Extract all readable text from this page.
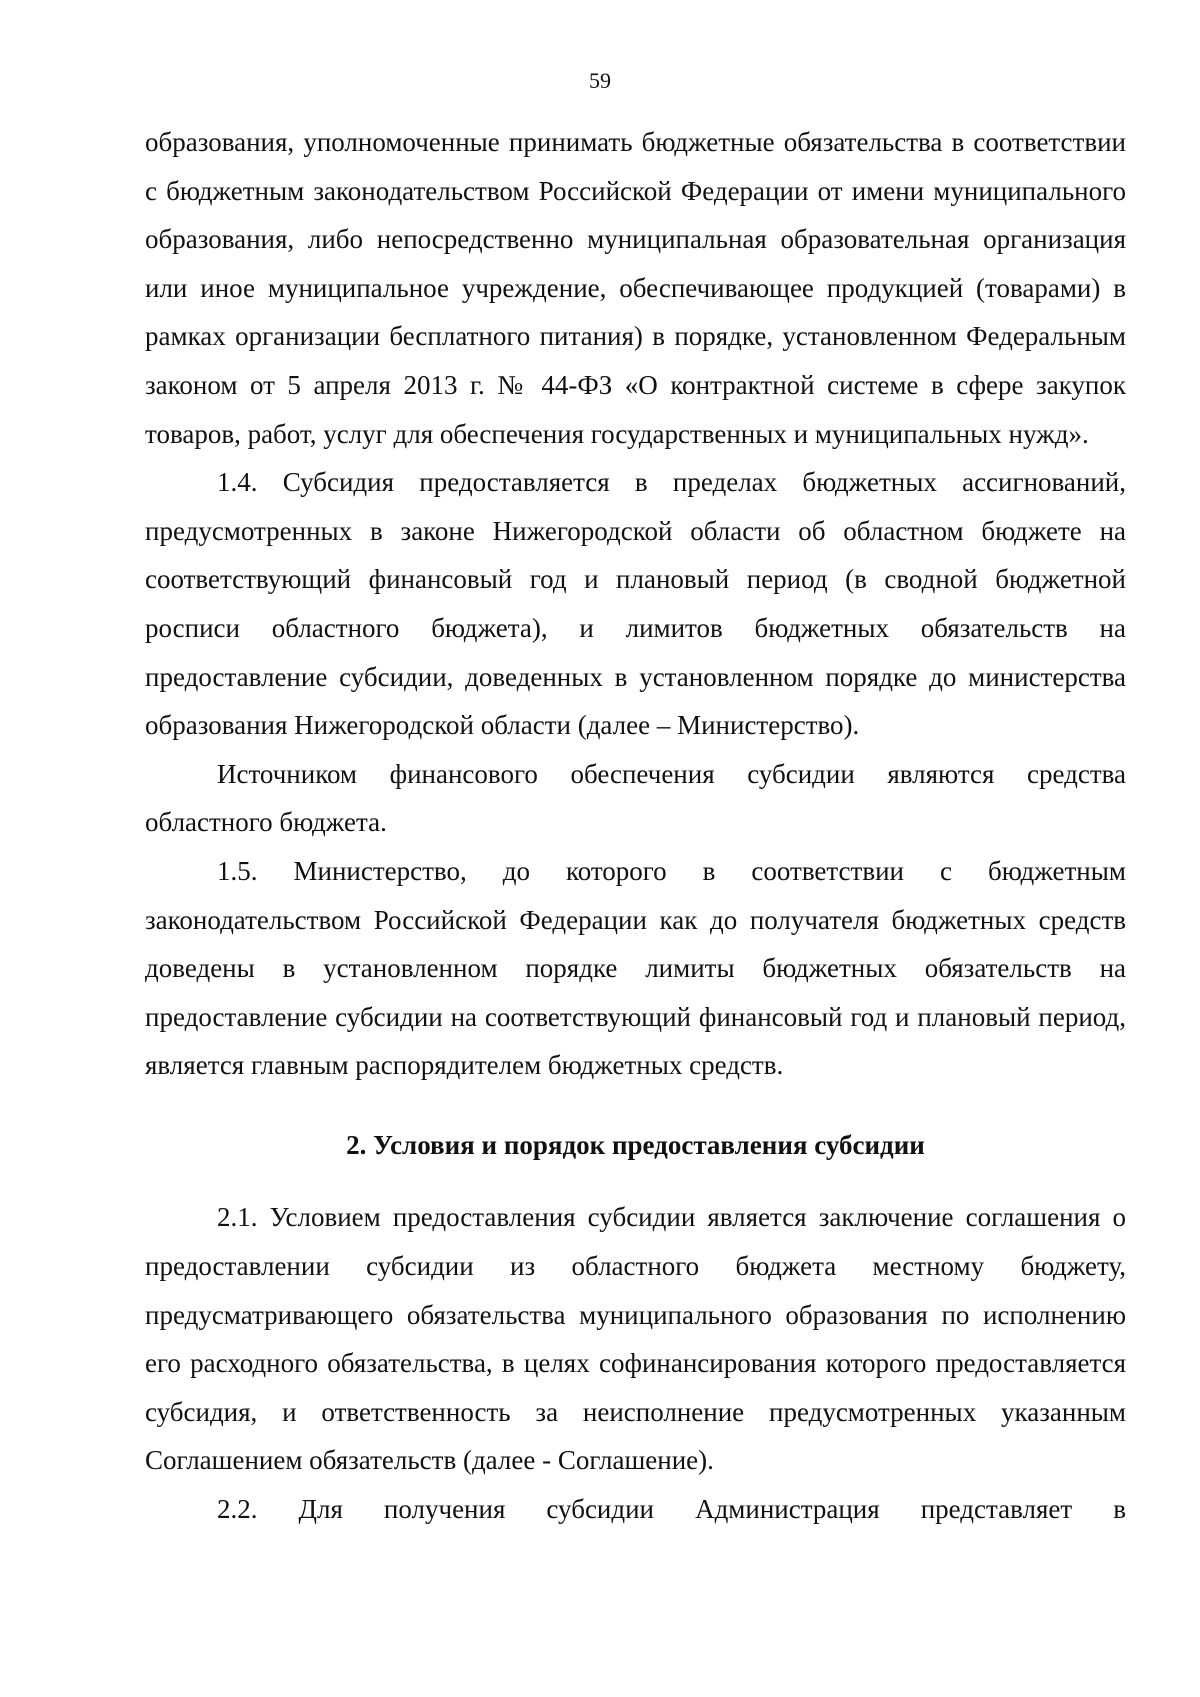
59

образования, уполномоченные принимать бюджетные обязательства в соответствии с бюджетным законодательством Российской Федерации от имени муниципального образования, либо непосредственно муниципальная образовательная организация или иное муниципальное учреждение, обеспечивающее продукцией (товарами) в рамках организации бесплатного питания) в порядке, установленном Федеральным законом от 5 апреля 2013 г. № 44-ФЗ «О контрактной системе в сфере закупок товаров, работ, услуг для обеспечения государственных и муниципальных нужд».

1.4. Субсидия предоставляется в пределах бюджетных ассигнований, предусмотренных в законе Нижегородской области об областном бюджете на соответствующий финансовый год и плановый период (в сводной бюджетной росписи областного бюджета), и лимитов бюджетных обязательств на предоставление субсидии, доведенных в установленном порядке до министерства образования Нижегородской области (далее – Министерство).

Источником финансового обеспечения субсидии являются средства областного бюджета.

1.5. Министерство, до которого в соответствии с бюджетным законодательством Российской Федерации как до получателя бюджетных средств доведены в установленном порядке лимиты бюджетных обязательств на предоставление субсидии на соответствующий финансовый год и плановый период, является главным распорядителем бюджетных средств.

2. Условия и порядок предоставления субсидии

2.1. Условием предоставления субсидии является заключение соглашения о предоставлении субсидии из областного бюджета местному бюджету, предусматривающего обязательства муниципального образования по исполнению его расходного обязательства, в целях софинансирования которого предоставляется субсидия, и ответственность за неисполнение предусмотренных указанным Соглашением обязательств (далее - Соглашение).

2.2. Для получения субсидии Администрация представляет в
